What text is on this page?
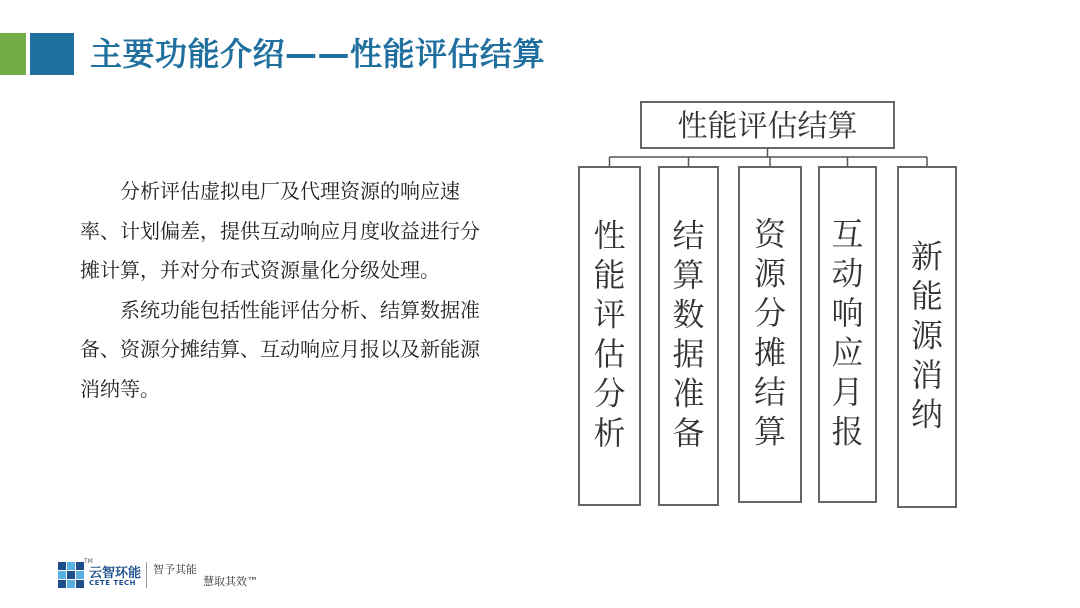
主要功能介绍——性能评估结算

分析评估虚拟电厂及代理资源的响应速率、计划偏差，提供互动响应月度收益进行分摊计算，并对分布式资源量化分级处理。

系统功能包括性能评估分析、结算数据准备、资源分摊结算、互动响应月报以及新能源消纳等。

性能评估结算
性能评估分析
结算数据准备
资源分摊结算
互动响应月报
新能源消纳
TM
云智环能
CETE TECH
智予其能
慧取其效™
